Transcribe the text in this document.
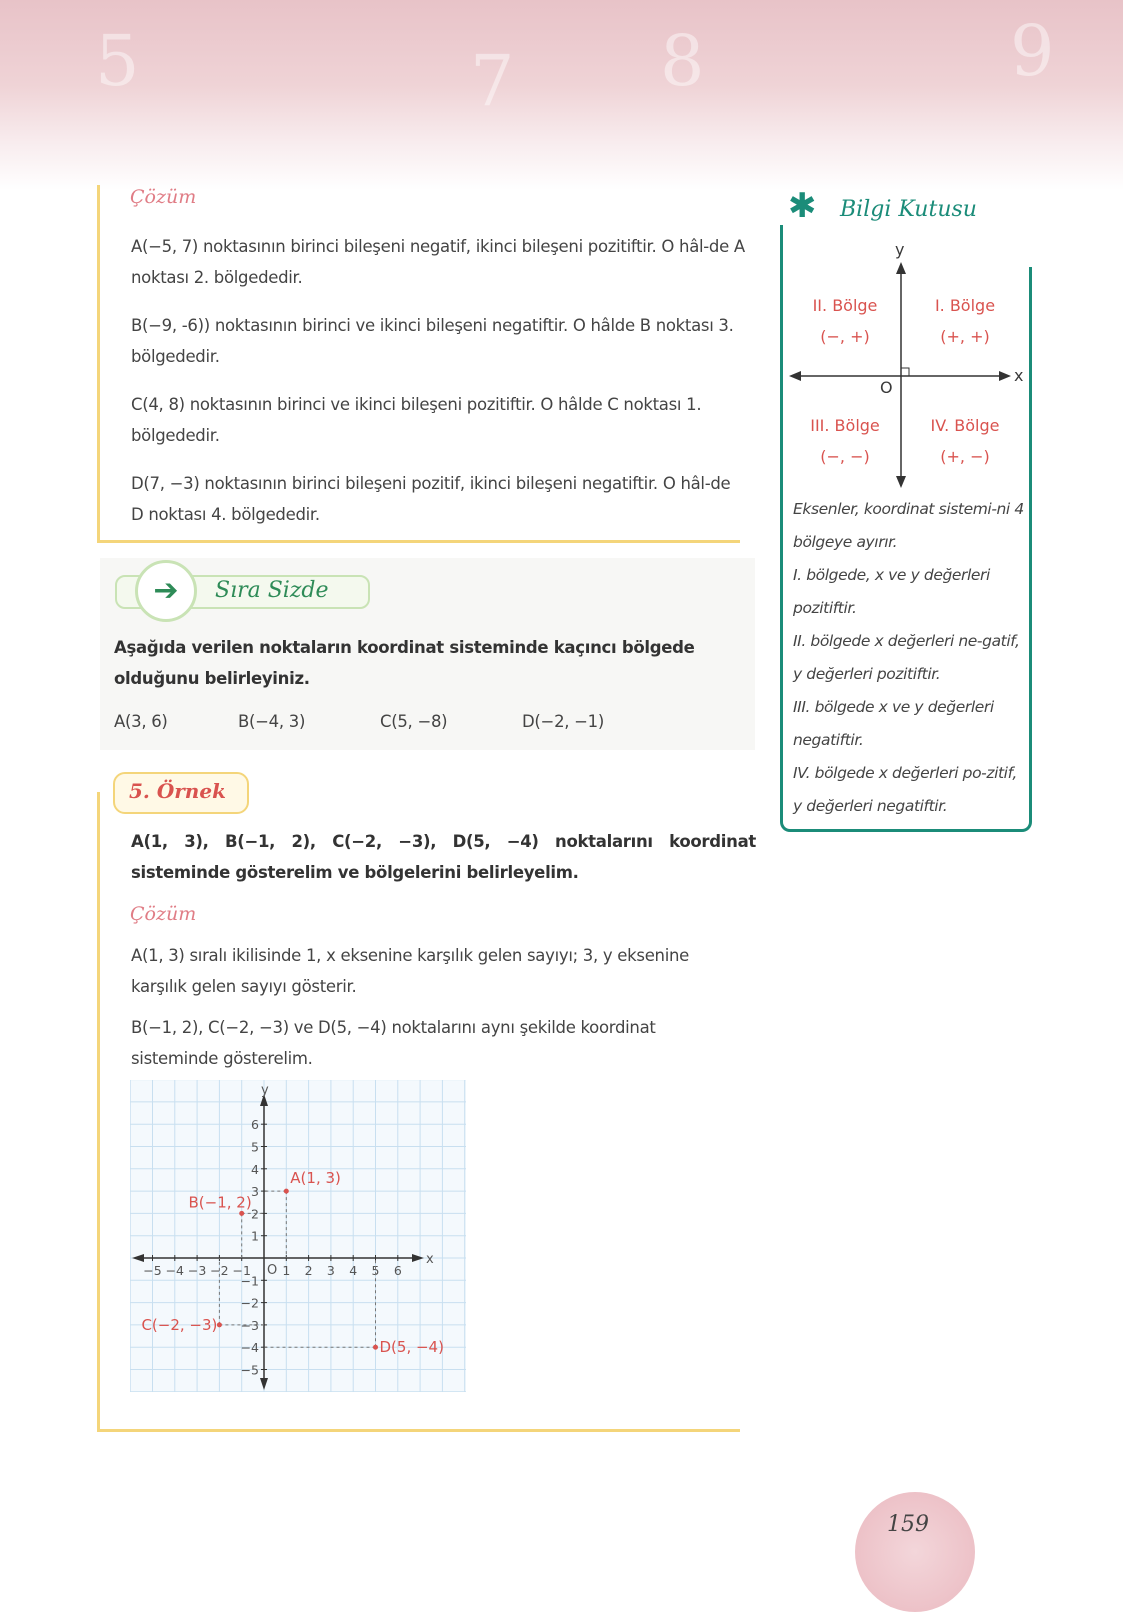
5	8
7	9
Çözüm

A(−5, 7) noktasının birinci bileşeni negatif, ikinci bileşeni pozitiftir. O hâl-de A noktası 2. bölgededir.

B(−9, -6)) noktasının birinci ve ikinci bileşeni negatiftir. O hâlde B noktası 3. bölgededir.

C(4, 8) noktasının birinci ve ikinci bileşeni pozitiftir. O hâlde C noktası 1. bölgededir.

D(7, −3) noktasının birinci bileşeni pozitif, ikinci bileşeni negatiftir. O hâl-de D noktası 4. bölgededir.

Sıra Sizde
➔
Aşağıda verilen noktaların koordinat sisteminde kaçıncı bölgede olduğunu belirleyiniz.
A(3, 6)	B(−4, 3)	C(5, −8)	D(−2, −1)
5. Örnek
A(1, 3), B(−1, 2), C(−2, −3), D(5, −4) noktalarını koordinat sisteminde gösterelim ve bölgelerini belirleyelim.
Çözüm

A(1, 3) sıralı ikilisinde 1, x eksenine karşılık gelen sayıyı; 3, y eksenine karşılık gelen sayıyı gösterir.

B(−1, 2), C(−2, −3) ve D(5, −4) noktalarını aynı şekilde koordinat sisteminde gösterelim.

x
y
O
−5 −4 −3 −2 −1	1 2 3 4 5 6
6
5
4
3
2
1
−1
−2
−3
−4
−5
A(1, 3)
B(−1, 2)
C(−2, −3)
D(5, −4)
✱ Bilgi Kutusu
y
x
O
II. Bölge
(−, +)
I. Bölge
(+, +)
III. Bölge
(−, −)
IV. Bölge
(+, −)

Eksenler, koordinat sistemi-ni 4 bölgeye ayırır.

I. bölgede, x ve y değerleri pozitiftir.

II. bölgede x değerleri ne-gatif, y değerleri pozitiftir.

III. bölgede x ve y değerleri negatiftir.

IV. bölgede x değerleri po-zitif, y değerleri negatiftir.

159
